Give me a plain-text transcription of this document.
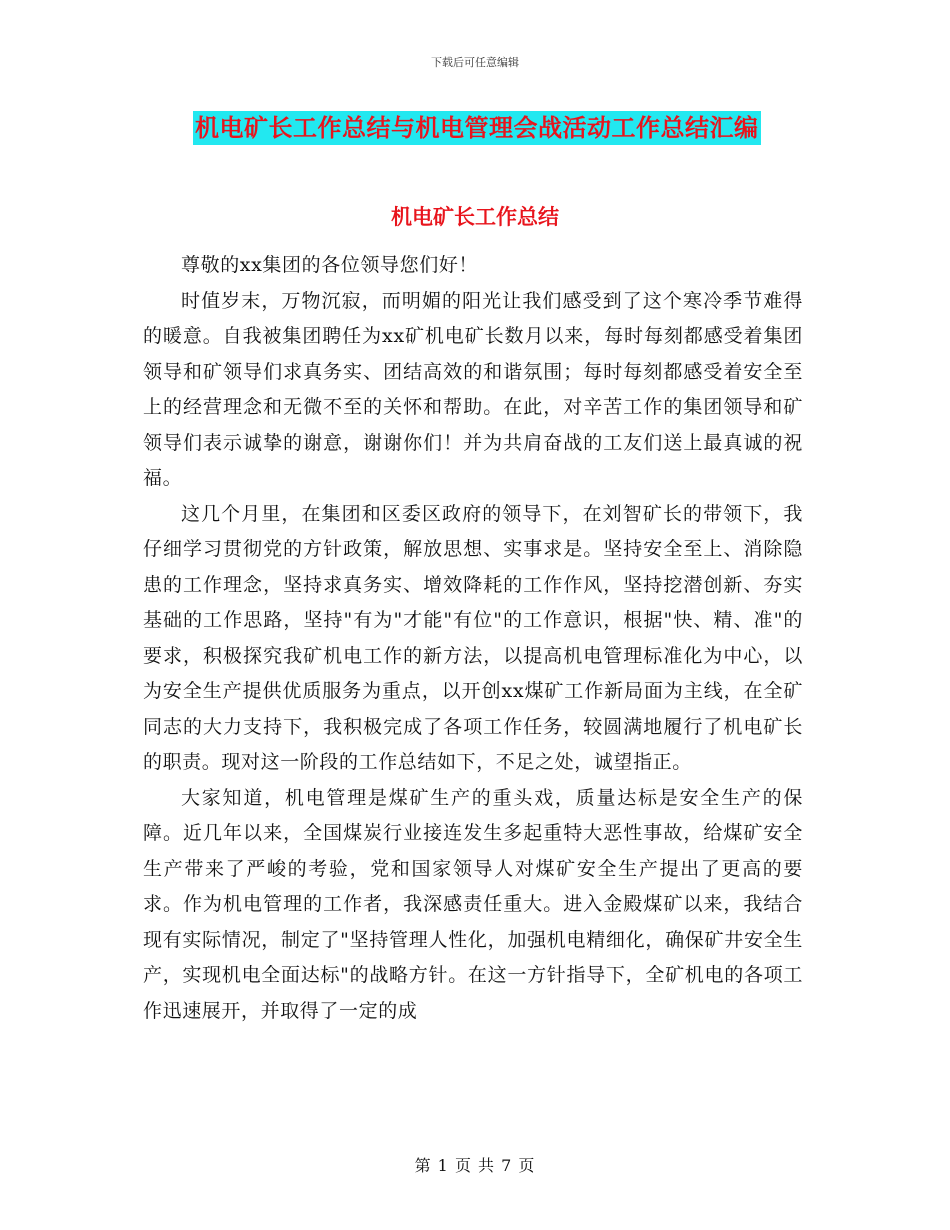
下载后可任意编辑
机电矿长工作总结与机电管理会战活动工作总结汇编
机电矿长工作总结

尊敬的xx集团的各位领导您们好！

时值岁末，万物沉寂，而明媚的阳光让我们感受到了这个寒冷季节难得的暖意。自我被集团聘任为xx矿机电矿长数月以来，每时每刻都感受着集团领导和矿领导们求真务实、团结高效的和谐氛围；每时每刻都感受着安全至上的经营理念和无微不至的关怀和帮助。在此，对辛苦工作的集团领导和矿领导们表示诚挚的谢意，谢谢你们！并为共肩奋战的工友们送上最真诚的祝福。

这几个月里，在集团和区委区政府的领导下，在刘智矿长的带领下，我仔细学习贯彻党的方针政策，解放思想、实事求是。坚持安全至上、消除隐患的工作理念，坚持求真务实、增效降耗的工作作风，坚持挖潜创新、夯实基础的工作思路，坚持"有为"才能"有位"的工作意识，根据"快、精、准"的要求，积极探究我矿机电工作的新方法，以提高机电管理标准化为中心，以为安全生产提供优质服务为重点，以开创xx煤矿工作新局面为主线，在全矿同志的大力支持下，我积极完成了各项工作任务，较圆满地履行了机电矿长的职责。现对这一阶段的工作总结如下，不足之处，诚望指正。

大家知道，机电管理是煤矿生产的重头戏，质量达标是安全生产的保障。近几年以来，全国煤炭行业接连发生多起重特大恶性事故，给煤矿安全生产带来了严峻的考验，党和国家领导人对煤矿安全生产提出了更高的要求。作为机电管理的工作者，我深感责任重大。进入金殿煤矿以来，我结合现有实际情况，制定了"坚持管理人性化，加强机电精细化，确保矿井安全生产，实现机电全面达标"的战略方针。在这一方针指导下，全矿机电的各项工作迅速展开，并取得了一定的成

第 1 页 共 7 页
